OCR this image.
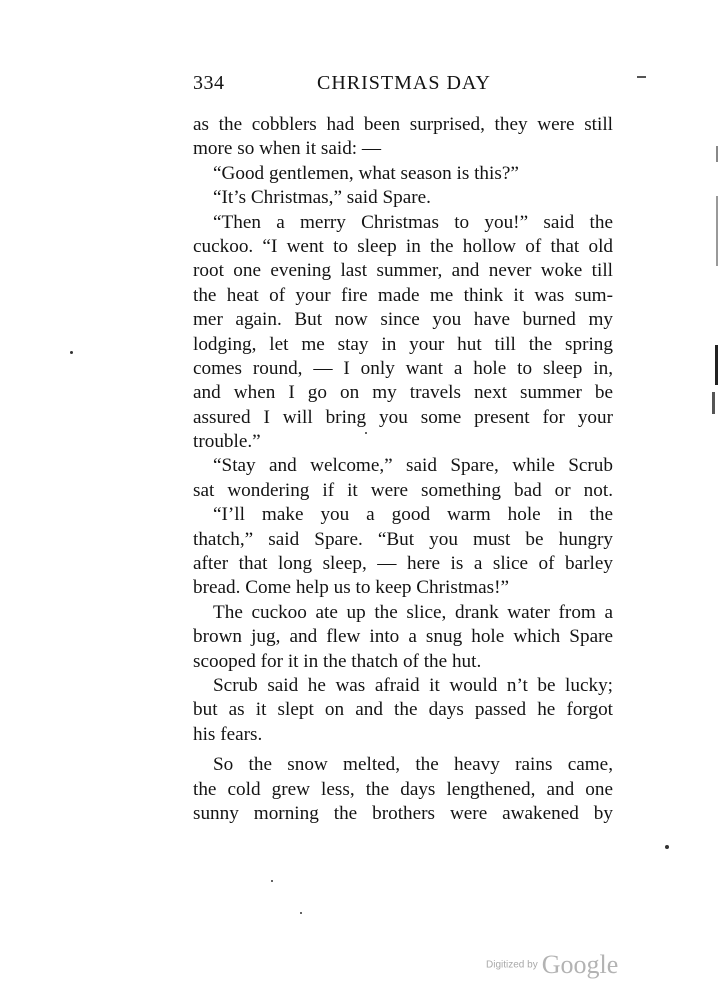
334	CHRISTMAS DAY
as the cobblers had been surprised, they were still
more so when it said: —
“Good gentlemen, what season is this?”
“It’s Christmas,” said Spare.
“Then a merry Christmas to you!” said the
cuckoo. “I went to sleep in the hollow of that old
root one evening last summer, and never woke till
the heat of your fire made me think it was sum-
mer again. But now since you have burned my
lodging, let me stay in your hut till the spring
comes round, — I only want a hole to sleep in,
and when I go on my travels next summer be
assured I will bring you some present for your
trouble.”
“Stay and welcome,” said Spare, while Scrub
sat wondering if it were something bad or not.
“I’ll make you a good warm hole in the
thatch,” said Spare. “But you must be hungry
after that long sleep, — here is a slice of barley
bread. Come help us to keep Christmas!”
The cuckoo ate up the slice, drank water from a
brown jug, and flew into a snug hole which Spare
scooped for it in the thatch of the hut.
Scrub said he was afraid it would n’t be lucky;
but as it slept on and the days passed he forgot
his fears.
So the snow melted, the heavy rains came,
the cold grew less, the days lengthened, and one
sunny morning the brothers were awakened by
Digitized by Google
